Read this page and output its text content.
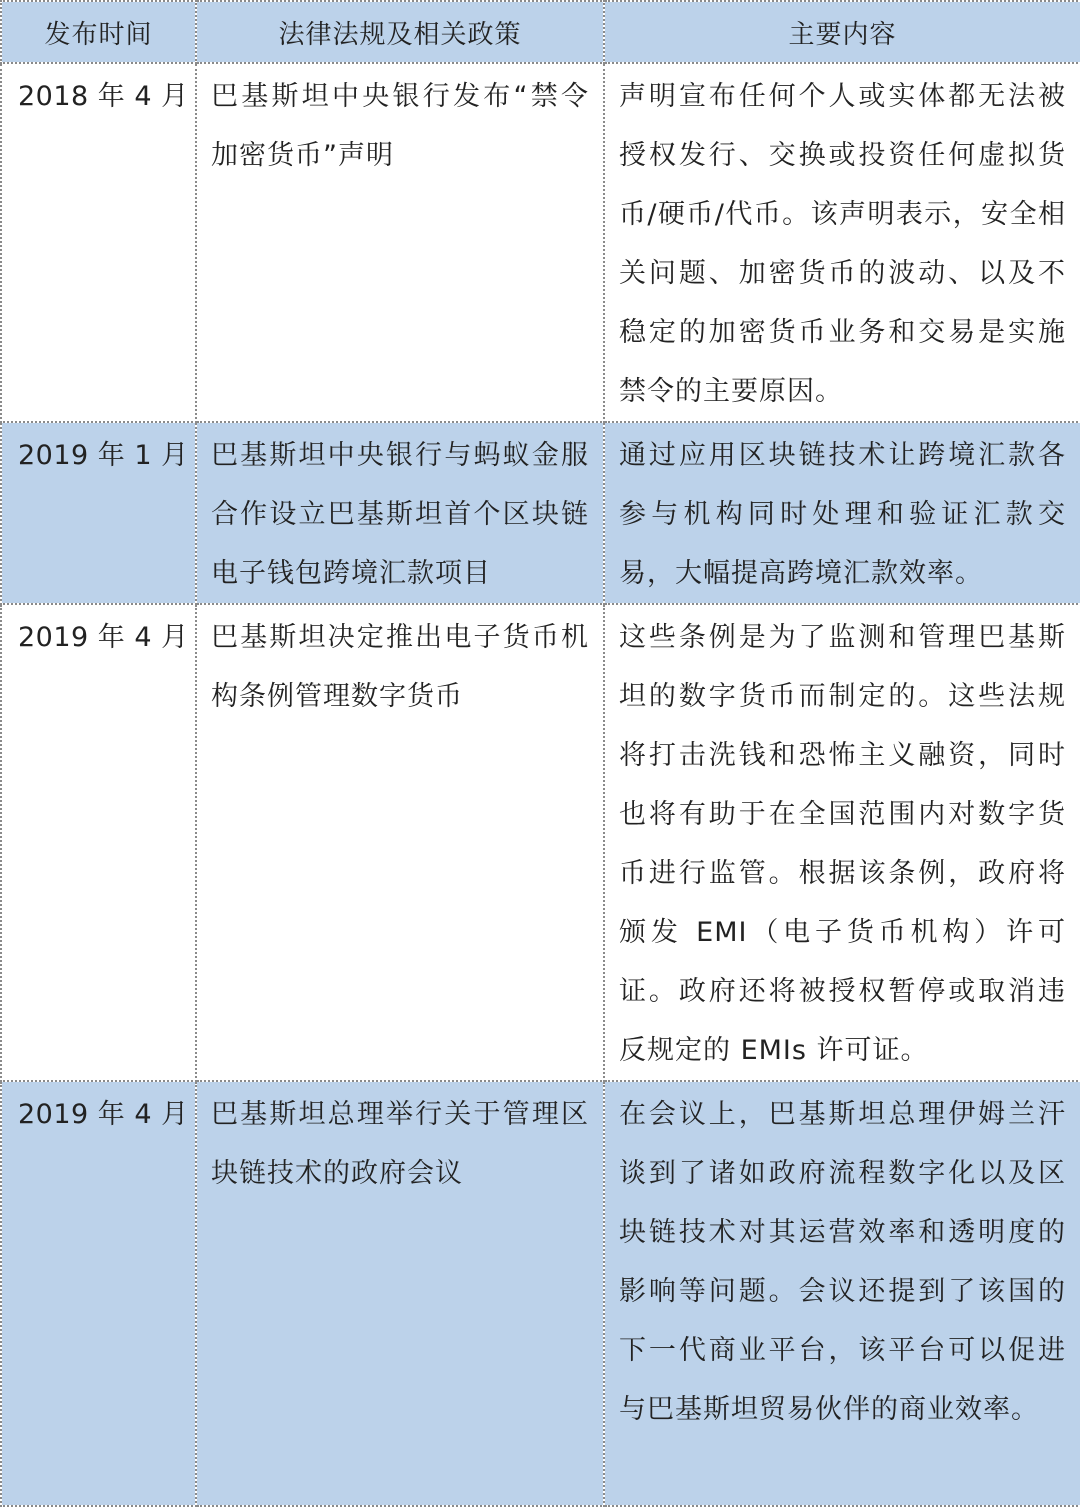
发布时间	法律法规及相关政策	主要内容
2018 年 4 月	巴基斯坦中央银行发布“禁令加密货币”声明	声明宣布任何个人或实体都无法被授权发行、交换或投资任何虚拟货币/硬币/代币。该声明表示，安全相关问题、加密货币的波动、以及不稳定的加密货币业务和交易是实施禁令的主要原因。
2019 年 1 月	巴基斯坦中央银行与蚂蚁金服合作设立巴基斯坦首个区块链电子钱包跨境汇款项目	通过应用区块链技术让跨境汇款各参与机构同时处理和验证汇款交易，大幅提高跨境汇款效率。
2019 年 4 月	巴基斯坦决定推出电子货币机构条例管理数字货币	这些条例是为了监测和管理巴基斯坦的数字货币而制定的。这些法规将打击洗钱和恐怖主义融资，同时也将有助于在全国范围内对数字货币进行监管。根据该条例，政府将颁发 EMI（电子货币机构）许可证。政府还将被授权暂停或取消违反规定的 EMIs 许可证。
2019 年 4 月	巴基斯坦总理举行关于管理区块链技术的政府会议	在会议上，巴基斯坦总理伊姆兰汗谈到了诸如政府流程数字化以及区块链技术对其运营效率和透明度的影响等问题。会议还提到了该国的下一代商业平台，该平台可以促进与巴基斯坦贸易伙伴的商业效率。
